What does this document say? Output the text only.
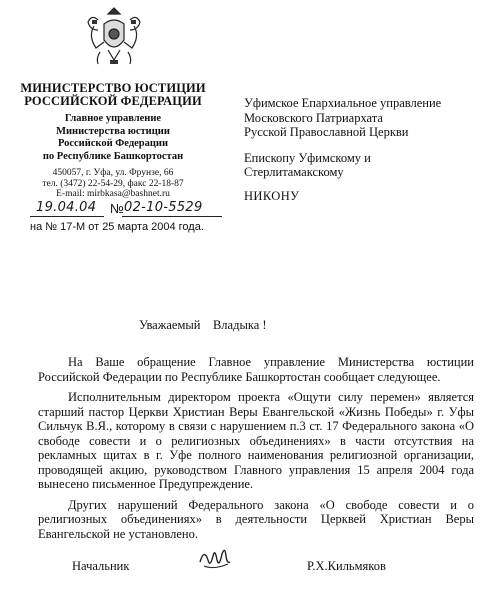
МИНИСТЕРСТВО ЮСТИЦИИ
РОССИЙСКОЙ ФЕДЕРАЦИИ
Главное управление
Министерства юстиции
Российской Федерации
по Республике Башкортостан
450057, г. Уфа, ул. Фрунзе, 66
тел. (3472) 22-54-29, факс 22-18-87
E-mail: mirbkasa@bashnet.ru
19.04.04 № 02-10-5529
на № 17-М от 25 марта 2004 года.
Уфимское Епархиальное управление
Московского Патриархата
Русской Православной Церкви
Епископу Уфимскому и
Стерлитамакскому
НИКОНУ
Уважаемый    Владыка !

На Ваше обращение Главное управление Министерства юстиции Российской Федерации по Республике Башкортостан сообщает следующее.

Исполнительным директором проекта «Ощути силу перемен» является старший пастор Церкви Христиан Веры Евангельской «Жизнь Победы» г. Уфы Сильчук В.Я., которому в связи с нарушением п.3 ст. 17 Федерального закона «О свободе совести и о религиозных объединениях» в части отсутствия на рекламных щитах в г. Уфе полного наименования религиозной организации, проводящей акцию, руководством Главного управления 15 апреля 2004 года вынесено письменное Предупреждение.

Других нарушений Федерального закона «О свободе совести и о религиозных объединениях» в деятельности Церквей Христиан Веры Евангельской не установлено.

Начальник	Р.Х.Кильмяков
